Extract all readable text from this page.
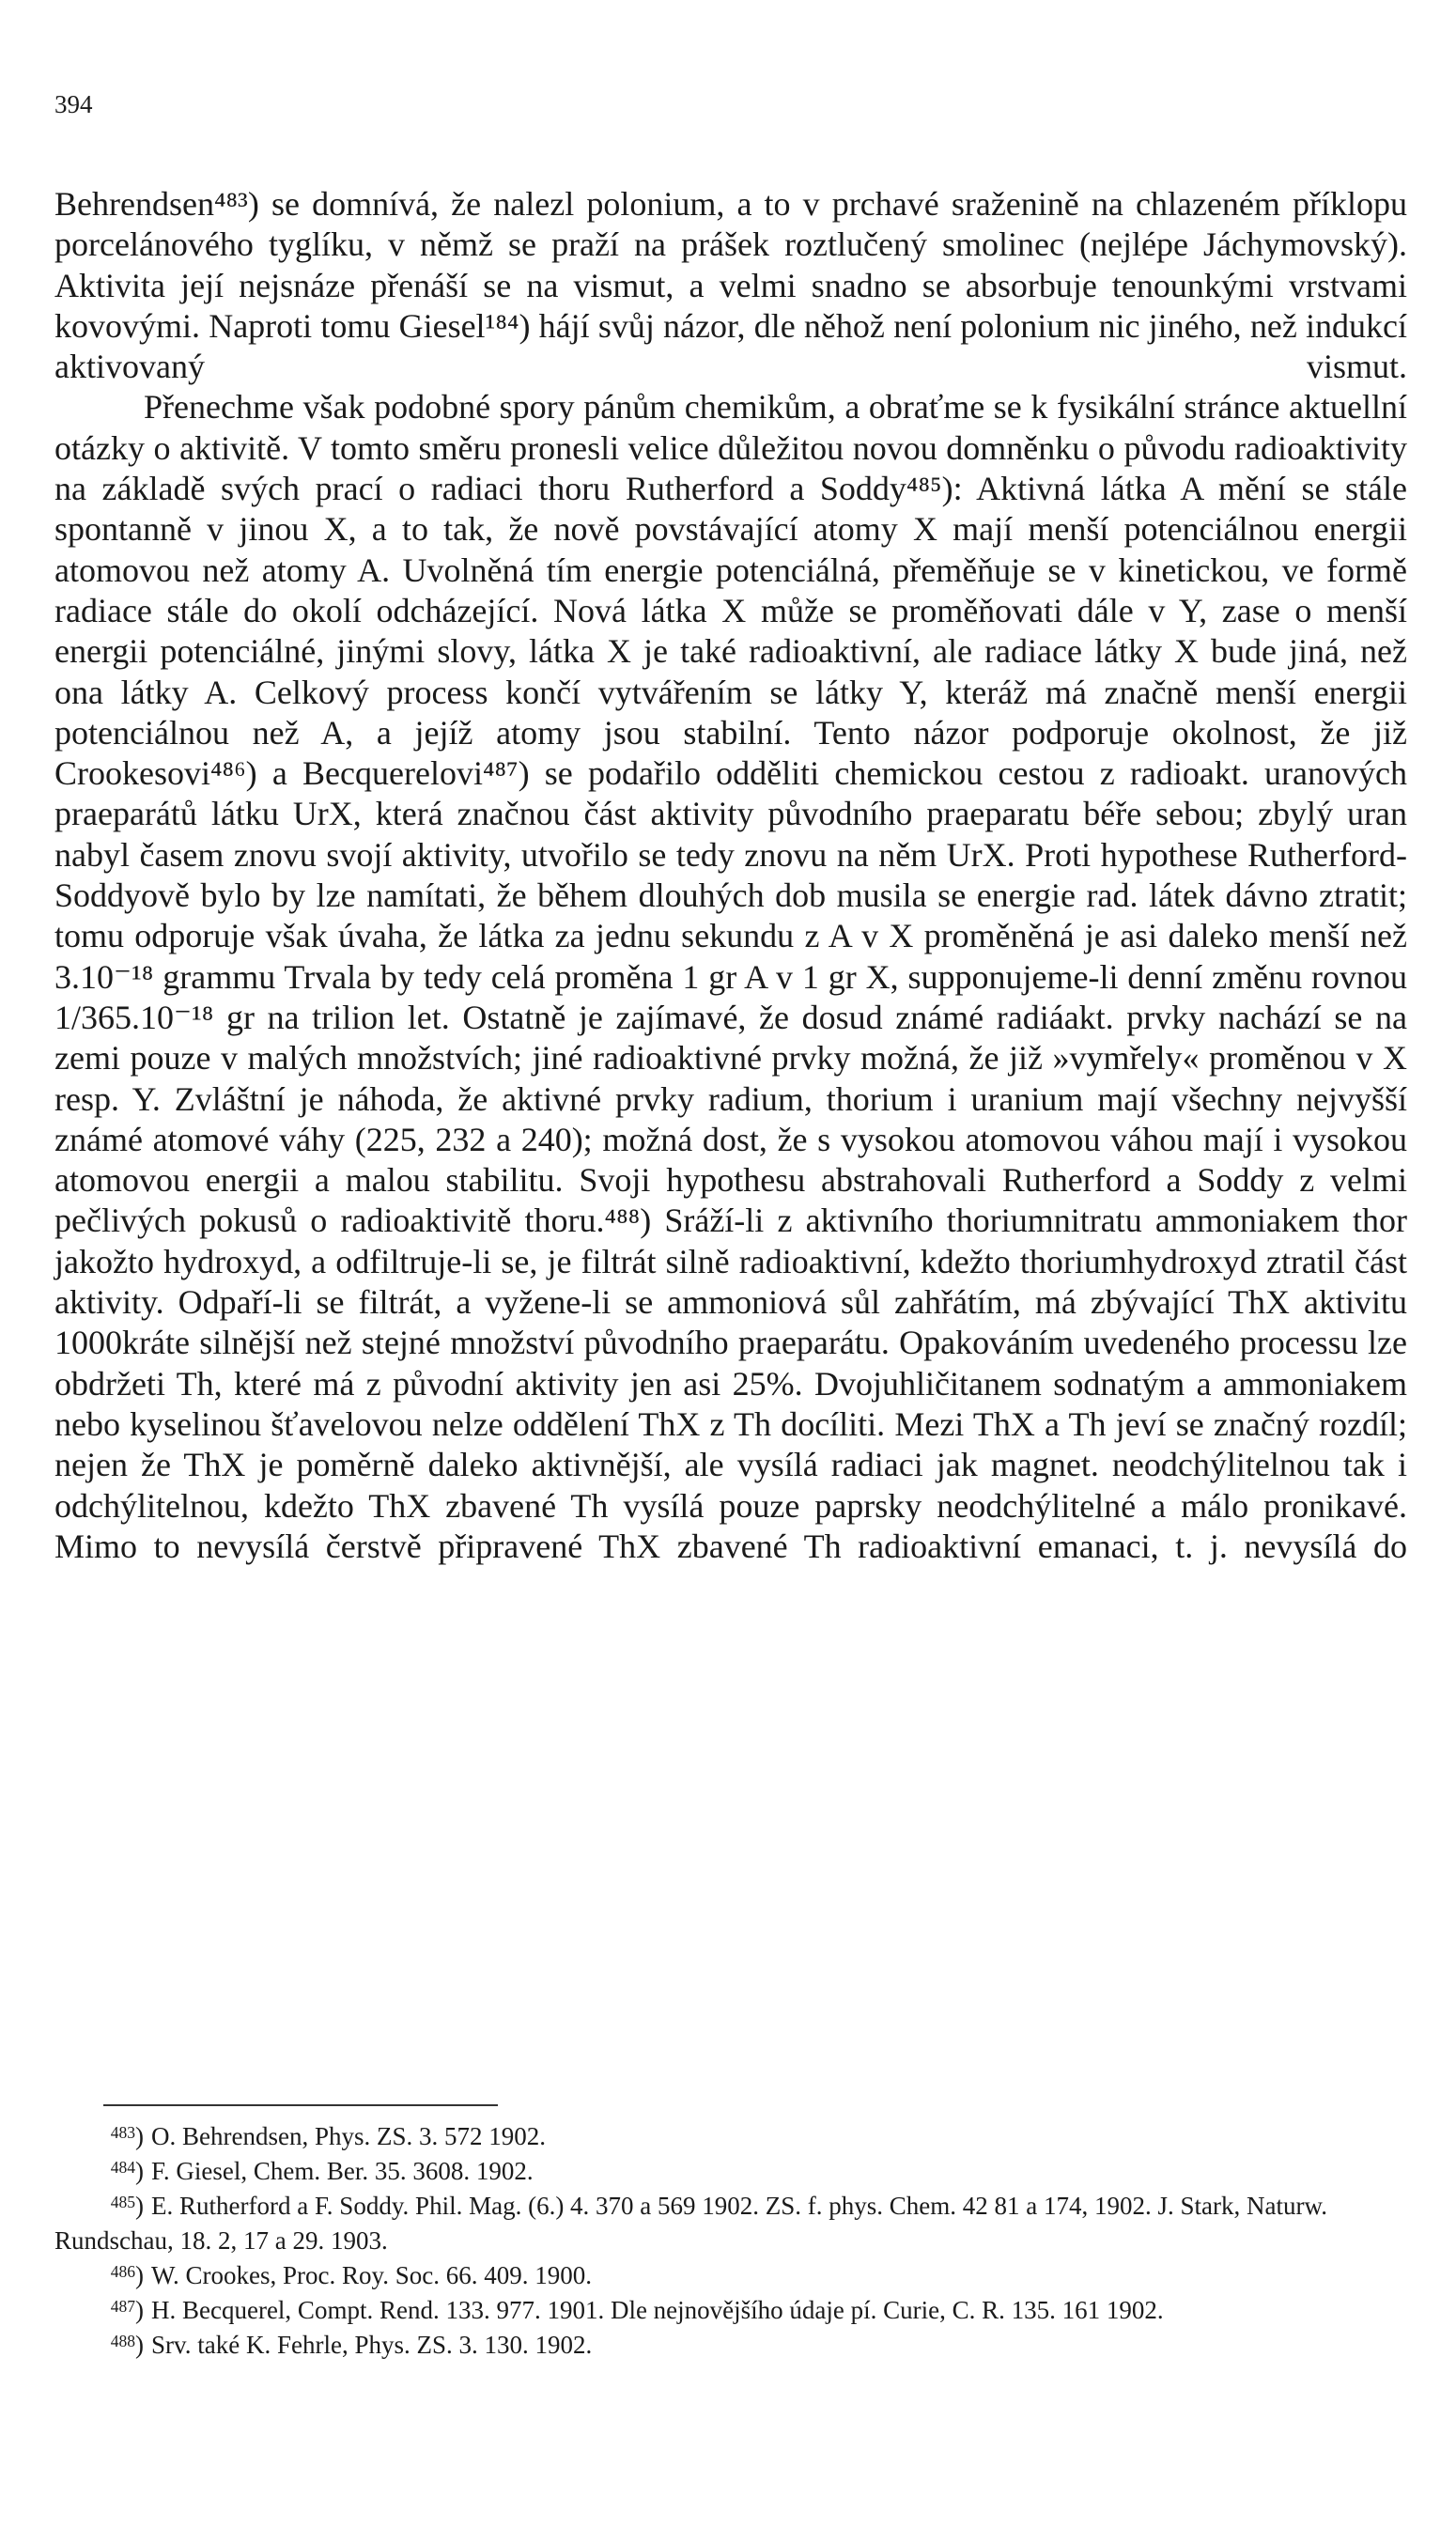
394

Behrendsen⁴⁸³) se domnívá, že nalezl polonium, a to v prchavé sraženině na chlazeném příklopu porcelánového tyglíku, v němž se praží na prášek roztlučený smolinec (nejlépe Jáchymovský). Aktivita její nejsnáze přenáší se na vismut, a velmi snadno se absorbuje tenounkými vrstvami kovovými. Naproti tomu Giesel¹⁸⁴) hájí svůj názor, dle něhož není polonium nic jiného, než indukcí aktivovaný vismut.

Přenechme však podobné spory pánům chemikům, a obraťme se k fysikální stránce aktuellní otázky o aktivitě. V tomto směru pronesli velice důležitou novou domněnku o původu radioaktivity na základě svých prací o radiaci thoru Rutherford a Soddy⁴⁸⁵): Aktivná látka A mění se stále spontanně v jinou X, a to tak, že nově povstávající atomy X mají menší potenciálnou energii atomovou než atomy A. Uvolněná tím energie potenciálná, přeměňuje se v kinetickou, ve formě radiace stále do okolí odcházející. Nová látka X může se proměňovati dále v Y, zase o menší energii potenciálné, jinými slovy, látka X je také radioaktivní, ale radiace látky X bude jiná, než ona látky A. Celkový process končí vytvářením se látky Y, kteráž má značně menší energii potenciálnou než A, a jejíž atomy jsou stabilní. Tento názor podporuje okolnost, že již Crookesovi⁴⁸⁶) a Becquerelovi⁴⁸⁷) se podařilo odděliti chemickou cestou z radioakt. uranových praeparátů látku UrX, která značnou část aktivity původního praeparatu béře sebou; zbylý uran nabyl časem znovu svojí aktivity, utvořilo se tedy znovu na něm UrX. Proti hypothese Rutherford-Soddyově bylo by lze namítati, že během dlouhých dob musila se energie rad. látek dávno ztratit; tomu odporuje však úvaha, že látka za jednu sekundu z A v X proměněná je asi daleko menší než 3.10⁻¹⁸ grammu Trvala by tedy celá proměna 1 gr A v 1 gr X, supponujeme-li denní změnu rovnou 1/365.10⁻¹⁸ gr na trilion let. Ostatně je zajímavé, že dosud známé radiáakt. prvky nachází se na zemi pouze v malých množstvích; jiné radioaktivné prvky možná, že již »vymřely« proměnou v X resp. Y. Zvláštní je náhoda, že aktivné prvky radium, thorium i uranium mají všechny nejvyšší známé atomové váhy (225, 232 a 240); možná dost, že s vysokou atomovou váhou mají i vysokou atomovou energii a malou stabilitu. Svoji hypothesu abstrahovali Rutherford a Soddy z velmi pečlivých pokusů o radioaktivitě thoru.⁴⁸⁸) Sráží-li z aktivního thoriumnitratu ammoniakem thor jakožto hydroxyd, a odfiltruje-li se, je filtrát silně radioaktivní, kdežto thoriumhydroxyd ztratil část aktivity. Odpaří-li se filtrát, a vyžene-li se ammoniová sůl zahřátím, má zbývající ThX aktivitu 1000kráte silnější než stejné množství původního praeparátu. Opakováním uvedeného processu lze obdržeti Th, které má z původní aktivity jen asi 25%. Dvojuhličitanem sodnatým a ammoniakem nebo kyselinou šťavelovou nelze oddělení ThX z Th docíliti. Mezi ThX a Th jeví se značný rozdíl; nejen že ThX je poměrně daleko aktivnější, ale vysílá radiaci jak magnet. neodchýlitelnou tak i odchýlitelnou, kdežto ThX zbavené Th vysílá pouze paprsky neodchýlitelné a málo pronikavé. Mimo to nevysílá čerstvě připravené ThX zbavené Th radioaktivní emanaci, t. j. nevysílá do

$^{483}$) O. Behrendsen, Phys. ZS. 3. 572 1902.

$^{484}$) F. Giesel, Chem. Ber. 35. 3608. 1902.

$^{485}$) E. Rutherford a F. Soddy. Phil. Mag. (6.) 4. 370 a 569 1902. ZS. f. phys. Chem. 42 81 a 174, 1902. J. Stark, Naturw. Rundschau, 18. 2, 17 a 29. 1903.

$^{486}$) W. Crookes, Proc. Roy. Soc. 66. 409. 1900.

$^{487}$) H. Becquerel, Compt. Rend. 133. 977. 1901. Dle nejnovějšího údaje pí. Curie, C. R. 135. 161 1902.

$^{488}$) Srv. také K. Fehrle, Phys. ZS. 3. 130. 1902.
